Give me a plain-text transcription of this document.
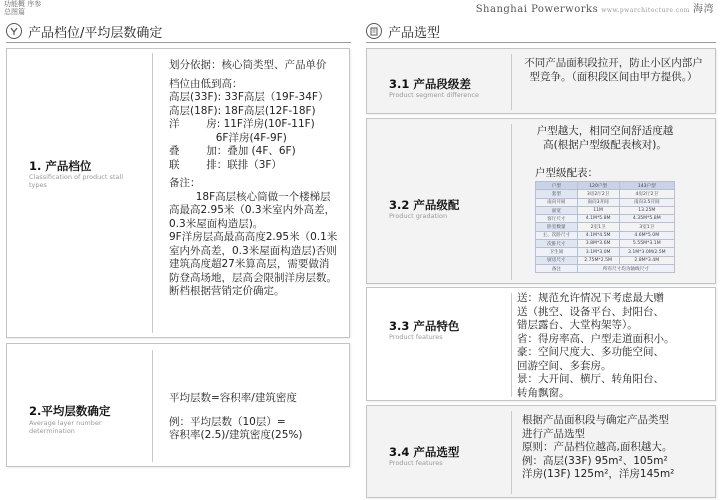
功能概 序参
总图篇	Shanghai Powerworks www.pwarchitecture.com 海湾
产品档位/平均层数确定
1. 产品档位
Classification of product stall types

划分依据：核心筒类型、产品单价

档位由低到高：

高层(33F): 33F高层（19F-34F）

高层(18F): 18F高层(12F-18F)

洋        房: 11F洋房(10F-11F)

6F洋房(4F-9F)

叠        加：叠加 (4F、6F)

联        排：联排（3F）

备注：

18F高层核心筒做一个楼梯层高最高2.95米（0.3米室内外高差，0.3米屋面构造层)。

9F洋房层高最高高度2.95米（0.1米室内外高差，0.3米屋面构造层)否则建筑高度超27米算高层，需要做消防登高场地，层高会限制洋房层数。断档根据营销定价确定。

2.平均层数确定
Average layer number determination

平均层数=容积率/建筑密度

例：平均层数（10层）=

容积率(2.5)/建筑密度(25%)

产品选型
3.1 产品段级差
Product segment difference
不同产品面积段拉开，防止小区内部户型竞争。（面积段区间由甲方提供。）
3.2 产品级配
Product gradation
户型越大，相同空间舒适度越高(根据户型级配表核对)。
户型级配表：
户型	120户型	143户型
套型	3房2厅2卫	4房2厅2卫
南向开间	南向3开间	南向3.5开间
面宽	11M	13.25M
客厅尺寸	4.1M*5.8M	4.35M*5.8M
卧室数量	2室1卫	3室1卫
主、次卧尺寸	4.1M*4.5M	4.6M*5.0M
次卧尺寸	3.8M*3.6M	5.55M*3.1M
卫生间	3.1M*3.0M	3.1M*3.0M/2.5M
厨房尺寸	2.75M*2.5M	2.8M*3.4M
备注	所有尺寸均为轴线尺寸	
3.3 产品特色
Product features

送：规范允许情况下考虑最大赠

送（挑空、设备平台、封阳台、

错层露台、大堂构架等）。

省：得房率高、户型走道面积小。

豪：空间尺度大、多功能空间、

回游空间、多套房。

景：大开间、横厅、转角阳台、

转角飘窗。

3.4 产品选型
Product features

根据产品面积段与确定产品类型

进行产品选型

原则：产品档位越高,面积越大。

例：高层(33F) 95m²、105m²

洋房(13F) 125m²，洋房145m²
